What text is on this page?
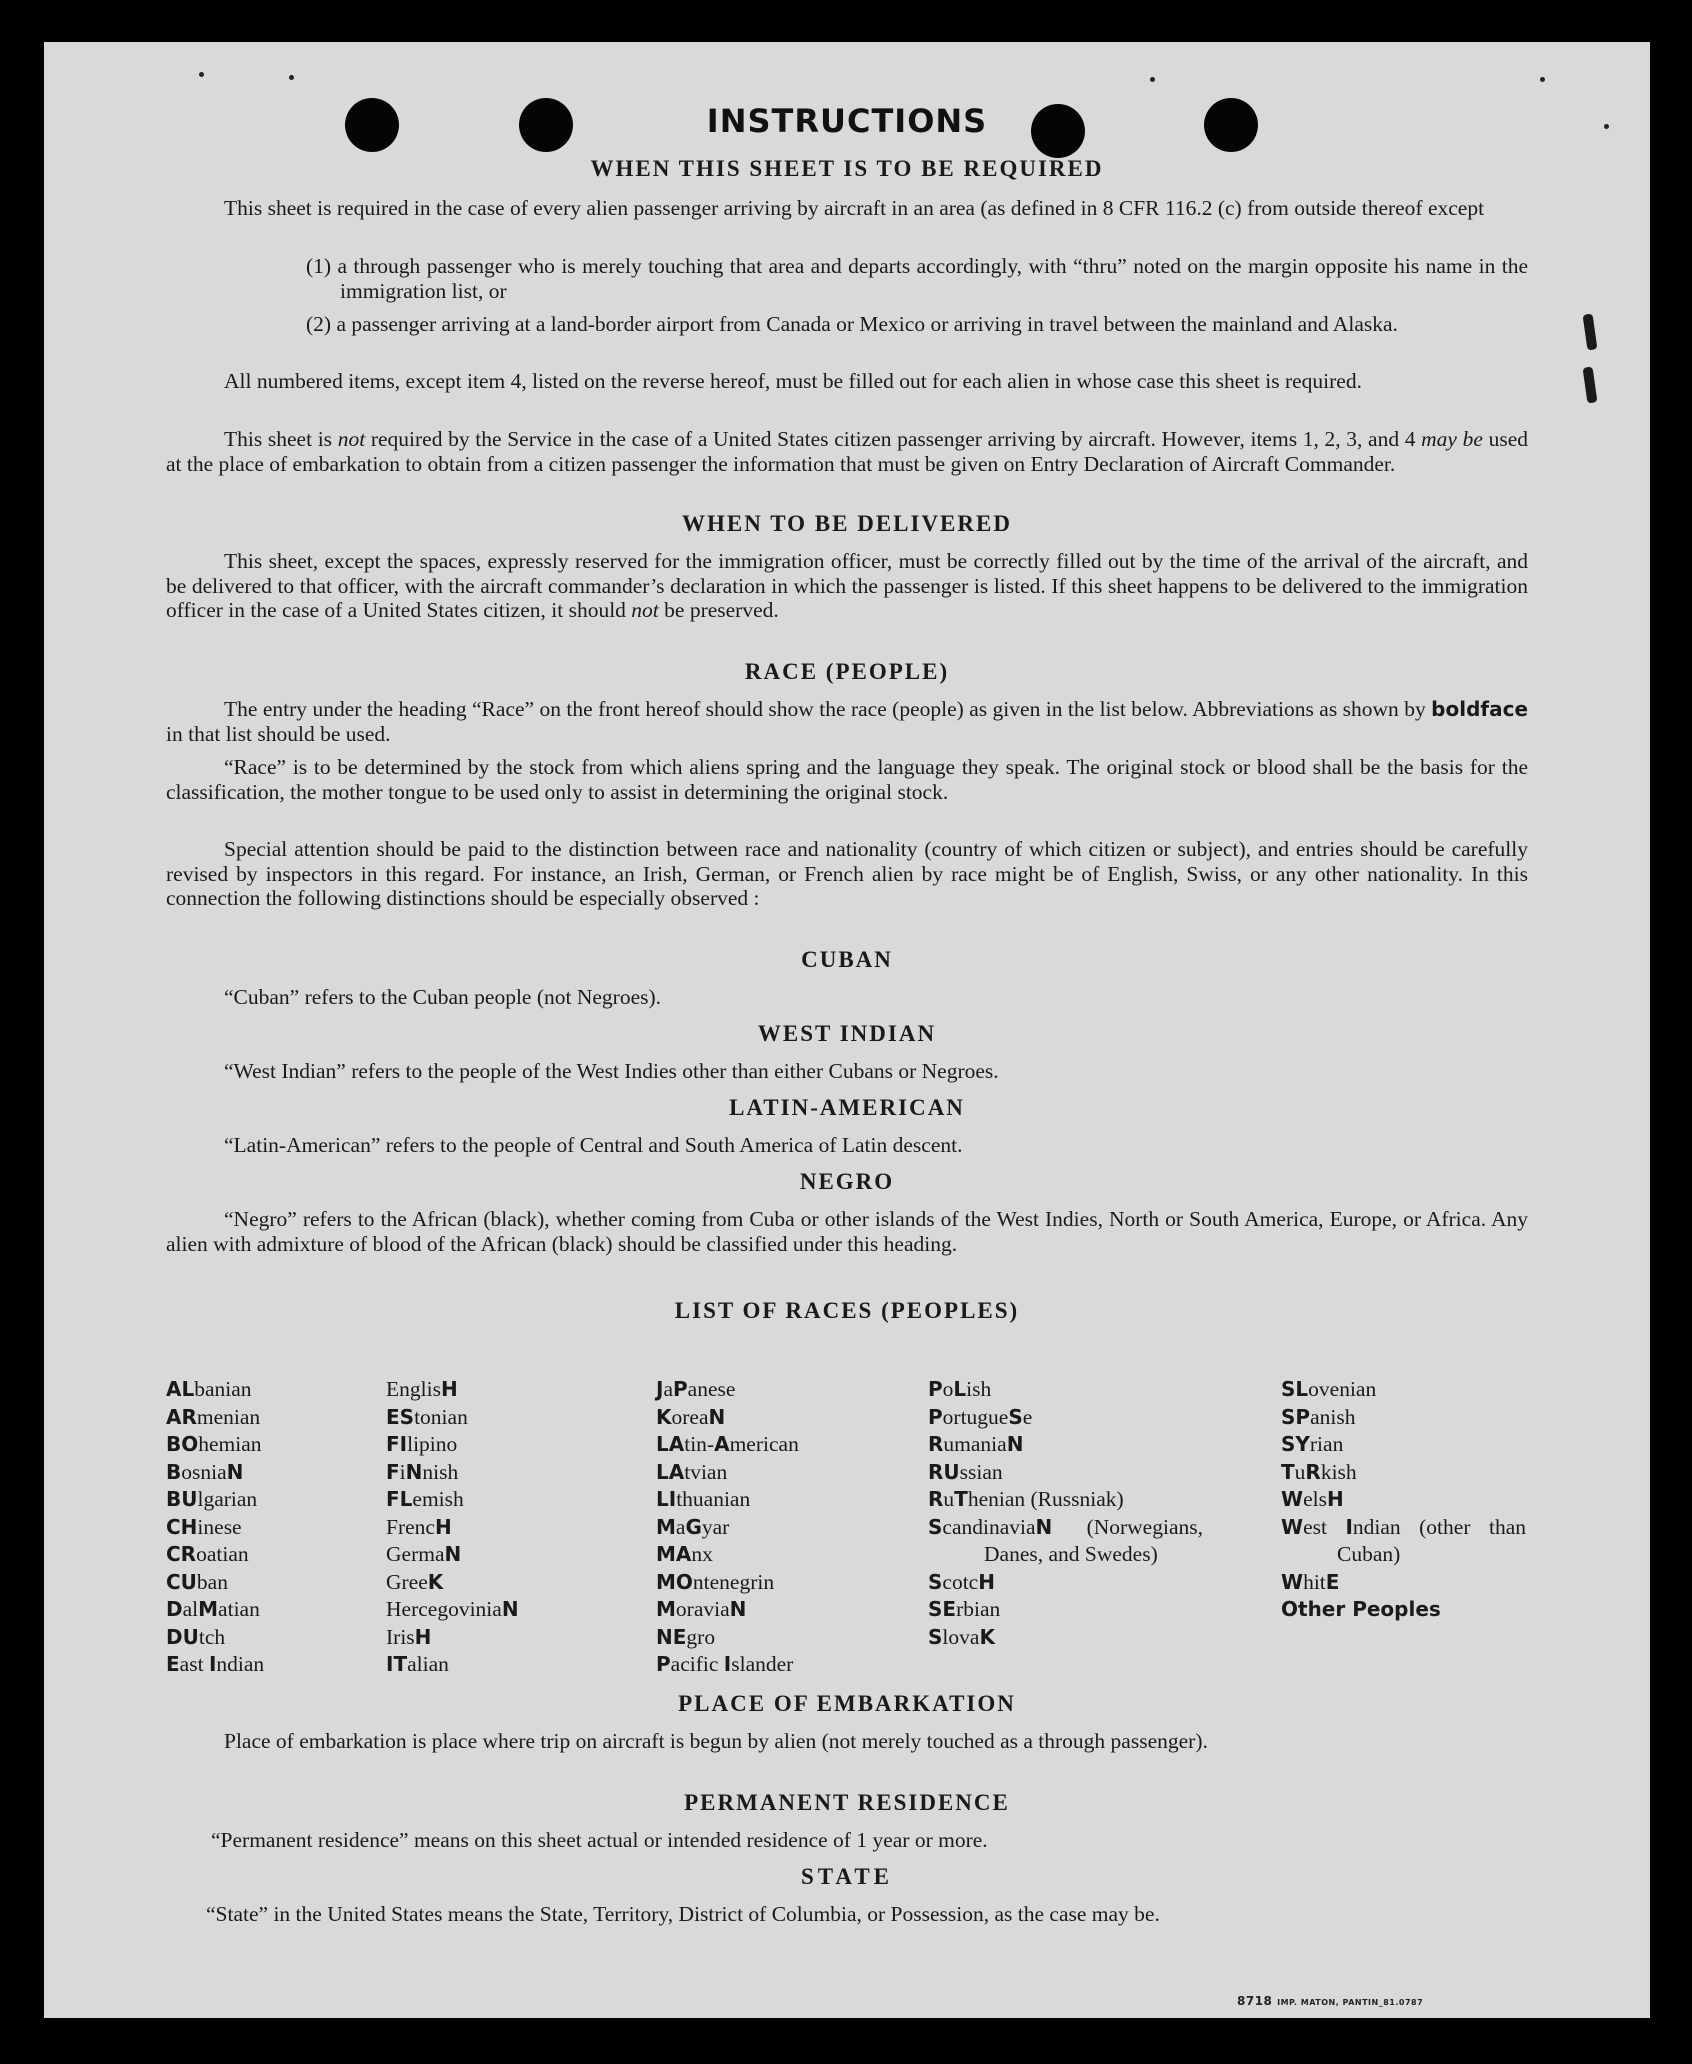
INSTRUCTIONS
WHEN THIS SHEET IS TO BE REQUIRED

This sheet is required in the case of every alien passenger arriving by aircraft in an area (as defined in 8 CFR 116.2 (c) from outside thereof except

(1) a through passenger who is merely touching that area and departs accordingly, with “thru” noted on the margin opposite his name in the immigration list, or
(2) a passenger arriving at a land-border airport from Canada or Mexico or arriving in travel between the mainland and Alaska.

All numbered items, except item 4, listed on the reverse hereof, must be filled out for each alien in whose case this sheet is required.

This sheet is not required by the Service in the case of a United States citizen passenger arriving by aircraft. However, items 1, 2, 3, and 4 may be used at the place of embarkation to obtain from a citizen passenger the information that must be given on Entry Declaration of Aircraft Commander.

WHEN TO BE DELIVERED

This sheet, except the spaces, expressly reserved for the immigration officer, must be correctly filled out by the time of the arrival of the aircraft, and be delivered to that officer, with the aircraft commander’s declaration in which the passenger is listed. If this sheet happens to be delivered to the immigration officer in the case of a United States citizen, it should not be preserved.

RACE (PEOPLE)

The entry under the heading “Race” on the front hereof should show the race (people) as given in the list below. Abbreviations as shown by boldface in that list should be used.

“Race” is to be determined by the stock from which aliens spring and the language they speak. The original stock or blood shall be the basis for the classification, the mother tongue to be used only to assist in determining the original stock.

Special attention should be paid to the distinction between race and nationality (country of which citizen or subject), and entries should be carefully revised by inspectors in this regard. For instance, an Irish, German, or French alien by race might be of English, Swiss, or any other nationality. In this connection the following distinctions should be especially observed :

CUBAN

“Cuban” refers to the Cuban people (not Negroes).

WEST INDIAN

“West Indian” refers to the people of the West Indies other than either Cubans or Negroes.

LATIN-AMERICAN

“Latin-American” refers to the people of Central and South America of Latin descent.

NEGRO

“Negro” refers to the African (black), whether coming from Cuba or other islands of the West Indies, North or South America, Europe, or Africa. Any alien with admixture of blood of the African (black) should be classified under this heading.

LIST OF RACES (PEOPLES)
ALbanian
ARmenian
BOhemian
BosniaN
BUlgarian
CHinese
CRoatian
CUban
DalMatian
DUtch
East Indian
EnglisH
EStonian
FIlipino
FiNnish
FLemish
FrencH
GermaN
GreeK
HercegoviniaN
IrisH
ITalian
JaPanese
KoreaN
LAtin-American
LAtvian
LIthuanian
MaGyar
MAnx
MOntenegrin
MoraviaN
NEgro
Pacific Islander
PoLish
PortugueSe
RumaniaN
RUssian
RuThenian (Russniak)
ScandinaviaN (Norwegians, Danes, and Swedes)
ScotcH
SErbian
SlovaK
SLovenian
SPanish
SYrian
TuRkish
WelsH
West Indian (other than Cuban)
WhitE
Other Peoples
PLACE OF EMBARKATION

Place of embarkation is place where trip on aircraft is begun by alien (not merely touched as a through passenger).

PERMANENT RESIDENCE

“Permanent residence” means on this sheet actual or intended residence of 1 year or more.

STATE

“State” in the United States means the State, Territory, District of Columbia, or Possession, as the case may be.

8718 IMP. MATON, PANTIN_81.0787
